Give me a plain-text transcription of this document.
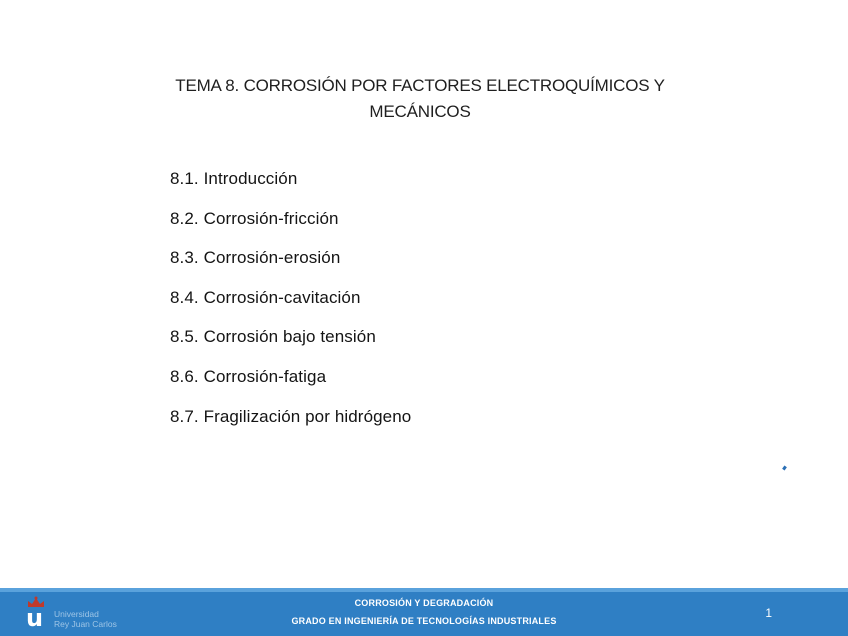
TEMA 8. CORROSIÓN POR FACTORES ELECTROQUÍMICOS Y
MECÁNICOS
8.1. Introducción
8.2. Corrosión-fricción
8.3. Corrosión-erosión
8.4. Corrosión-cavitación
8.5. Corrosión bajo tensión
8.6. Corrosión-fatiga
8.7. Fragilización por hidrógeno
u Universidad
Rey Juan Carlos
CORROSIÓN Y DEGRADACIÓN
GRADO EN INGENIERÍA DE TECNOLOGÍAS INDUSTRIALES
1
